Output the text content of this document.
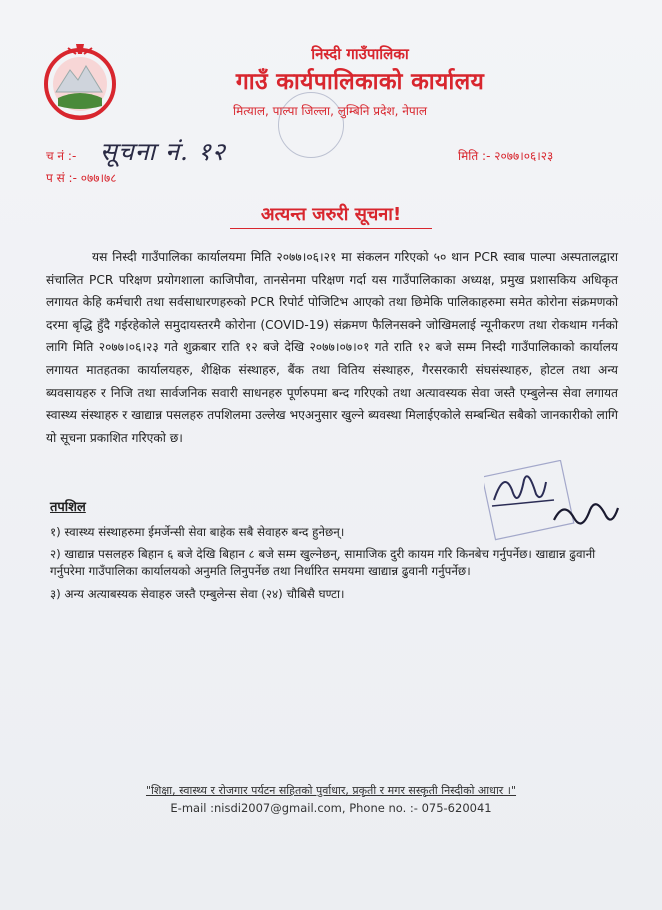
निस्दी गाउँपालिका
गाउँ कार्यपालिकाको कार्यालय
मित्याल, पाल्पा जिल्ला, लुम्बिनि प्रदेश, नेपाल
च नं :- सूचना नं. १२
प सं :- ०७७।७८
मिति :- २०७७।०६।२३
अत्यन्त जरुरी सूचना!

यस निस्दी गाउँपालिका कार्यालयमा मिति २०७७।०६।२१ मा संकलन गरिएको ५० थान PCR स्वाब पाल्पा अस्पतालद्वारा संचालित PCR परिक्षण प्रयोगशाला काजिपौवा, तानसेनमा परिक्षण गर्दा यस गाउँपालिकाका अध्यक्ष, प्रमुख प्रशासकिय अधिकृत लगायत केहि कर्मचारी तथा सर्वसाधारणहरुको PCR रिपोर्ट पोजिटिभ आएको तथा छिमेकि पालिकाहरुमा समेत कोरोना संक्रमणको दरमा बृद्धि हुँदै गईरहेकोले समुदायस्तरमै कोरोना (COVID-19) संक्रमण फैलिनसक्ने जोखिमलाई न्यूनीकरण तथा रोकथाम गर्नको लागि मिति २०७७।०६।२३ गते शुक्रबार राति १२ बजे देखि २०७७।०७।०१ गते राति १२ बजे सम्म निस्दी गाउँपालिकाको कार्यालय लगायत मातहतका कार्यालयहरु, शैक्षिक संस्थाहरु, बैंक तथा वितिय संस्थाहरु, गैरसरकारी संघसंस्थाहरु, होटल तथा अन्य ब्यवसायहरु र निजि तथा सार्वजनिक सवारी साधनहरु पूर्णरुपमा बन्द गरिएको तथा अत्यावस्यक सेवा जस्तै एम्बुलेन्स सेवा लगायत स्वास्थ्य संस्थाहरु र खाद्यान्न पसलहरु तपशिलमा उल्लेख भएअनुसार खुल्ने ब्यवस्था मिलाईएकोले सम्बन्धित सबैको जानकारीको लागि यो सूचना प्रकाशित गरिएको छ।

तपशिल
१) स्वास्थ्य संस्थाहरुमा ईमर्जेन्सी सेवा बाहेक सबै सेवाहरु बन्द हुनेछन्।
२) खाद्यान्न पसलहरु बिहान ६ बजे देखि बिहान ८ बजे सम्म खुल्नेछन्, सामाजिक दुरी कायम गरि किनबेच गर्नुपर्नेछ। खाद्यान्न ढुवानी गर्नुपरेमा गाउँपालिका कार्यालयको अनुमति लिनुपर्नेछ तथा निर्धारित समयमा खाद्यान्न ढुवानी गर्नुपर्नेछ।
३) अन्य अत्याबस्यक सेवाहरु जस्तै एम्बुलेन्स सेवा (२४) चौबिसै घण्टा।
"शिक्षा, स्वास्थ्य र रोजगार पर्यटन सहितको पुर्वाधार, प्रकृती र मगर सस्कृती निस्दीको आधार ।"
E-mail :nisdi2007@gmail.com, Phone no. :- 075-620041
